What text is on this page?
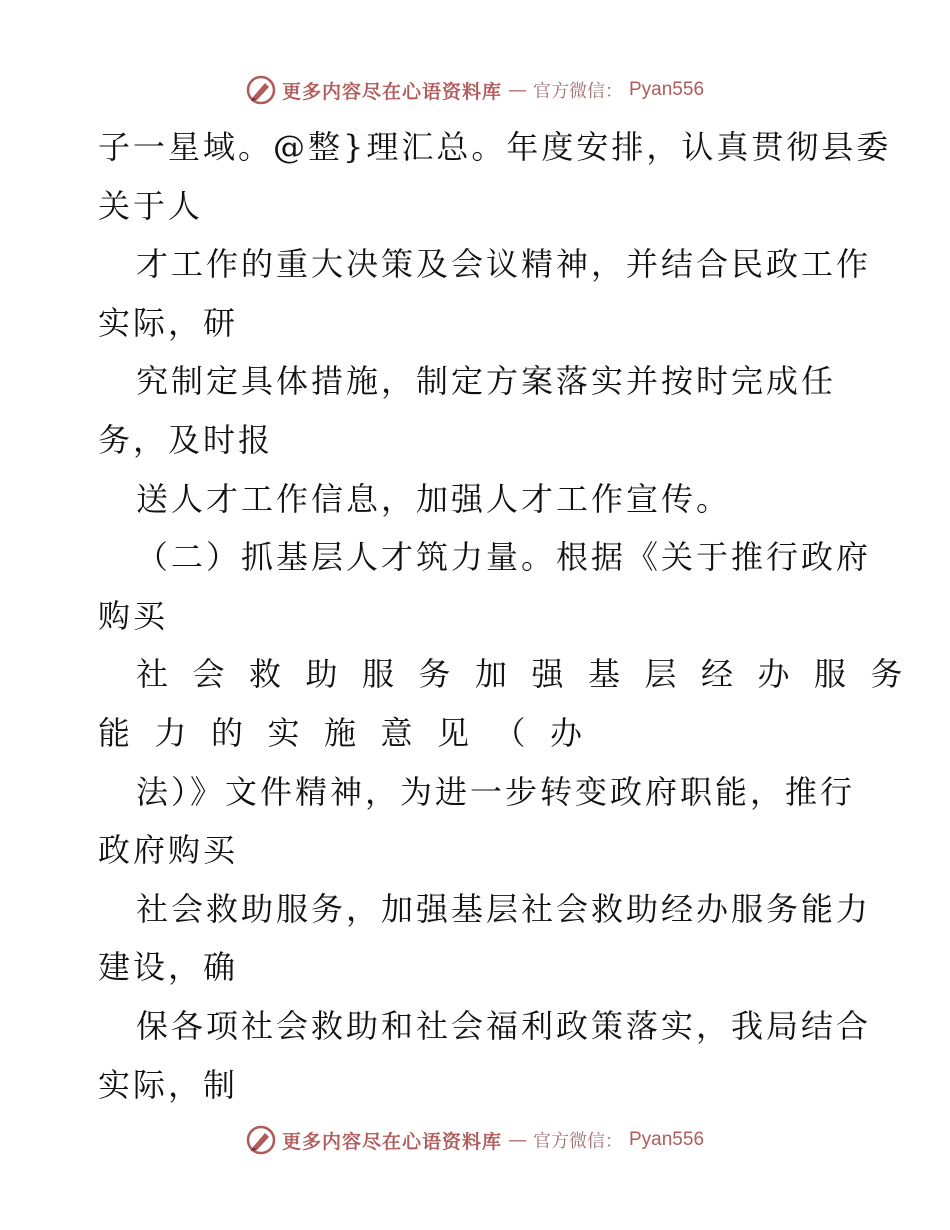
更多内容尽在心语资料库 — 官方微信： Pyan556
子一星域。@整}理汇总。年度安排，认真贯彻县委
关于人
才工作的重大决策及会议精神，并结合民政工作
实际，研
究制定具体措施，制定方案落实并按时完成任
务，及时报
送人才工作信息，加强人才工作宣传。
（二）抓基层人才筑力量。根据《关于推行政府
购买
社会救助服务加强基层经办服务
能力的实施意见（办
法）》文件精神，为进一步转变政府职能，推行
政府购买
社会救助服务，加强基层社会救助经办服务能力
建设，确
保各项社会救助和社会福利政策落实，我局结合
实际，制
更多内容尽在心语资料库 — 官方微信： Pyan556
